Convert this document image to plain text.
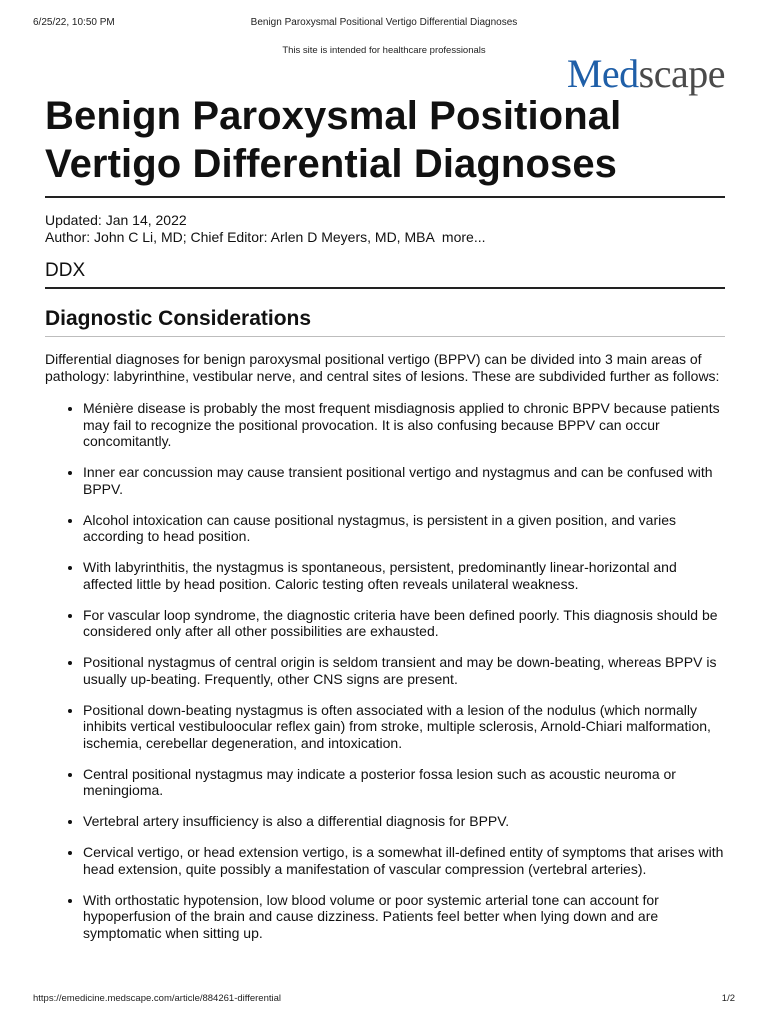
6/25/22, 10:50 PM	Benign Paroxysmal Positional Vertigo Differential Diagnoses
This site is intended for healthcare professionals
Medscape
Benign Paroxysmal Positional Vertigo Differential Diagnoses
Updated: Jan 14, 2022
Author: John C Li, MD; Chief Editor: Arlen D Meyers, MD, MBA more...
DDX
Diagnostic Considerations

Differential diagnoses for benign paroxysmal positional vertigo (BPPV) can be divided into 3 main areas of pathology: labyrinthine, vestibular nerve, and central sites of lesions. These are subdivided further as follows:

• Ménière disease is probably the most frequent misdiagnosis applied to chronic BPPV because patients may fail to recognize the positional provocation. It is also confusing because BPPV can occur concomitantly.
• Inner ear concussion may cause transient positional vertigo and nystagmus and can be confused with BPPV.
• Alcohol intoxication can cause positional nystagmus, is persistent in a given position, and varies according to head position.
• With labyrinthitis, the nystagmus is spontaneous, persistent, predominantly linear-horizontal and affected little by head position. Caloric testing often reveals unilateral weakness.
• For vascular loop syndrome, the diagnostic criteria have been defined poorly. This diagnosis should be considered only after all other possibilities are exhausted.
• Positional nystagmus of central origin is seldom transient and may be down-beating, whereas BPPV is usually up-beating. Frequently, other CNS signs are present.
• Positional down-beating nystagmus is often associated with a lesion of the nodulus (which normally inhibits vertical vestibuloocular reflex gain) from stroke, multiple sclerosis, Arnold-Chiari malformation, ischemia, cerebellar degeneration, and intoxication.
• Central positional nystagmus may indicate a posterior fossa lesion such as acoustic neuroma or meningioma.
• Vertebral artery insufficiency is also a differential diagnosis for BPPV.
• Cervical vertigo, or head extension vertigo, is a somewhat ill-defined entity of symptoms that arises with head extension, quite possibly a manifestation of vascular compression (vertebral arteries).
• With orthostatic hypotension, low blood volume or poor systemic arterial tone can account for hypoperfusion of the brain and cause dizziness. Patients feel better when lying down and are symptomatic when sitting up.
https://emedicine.medscape.com/article/884261-differential	1/2
